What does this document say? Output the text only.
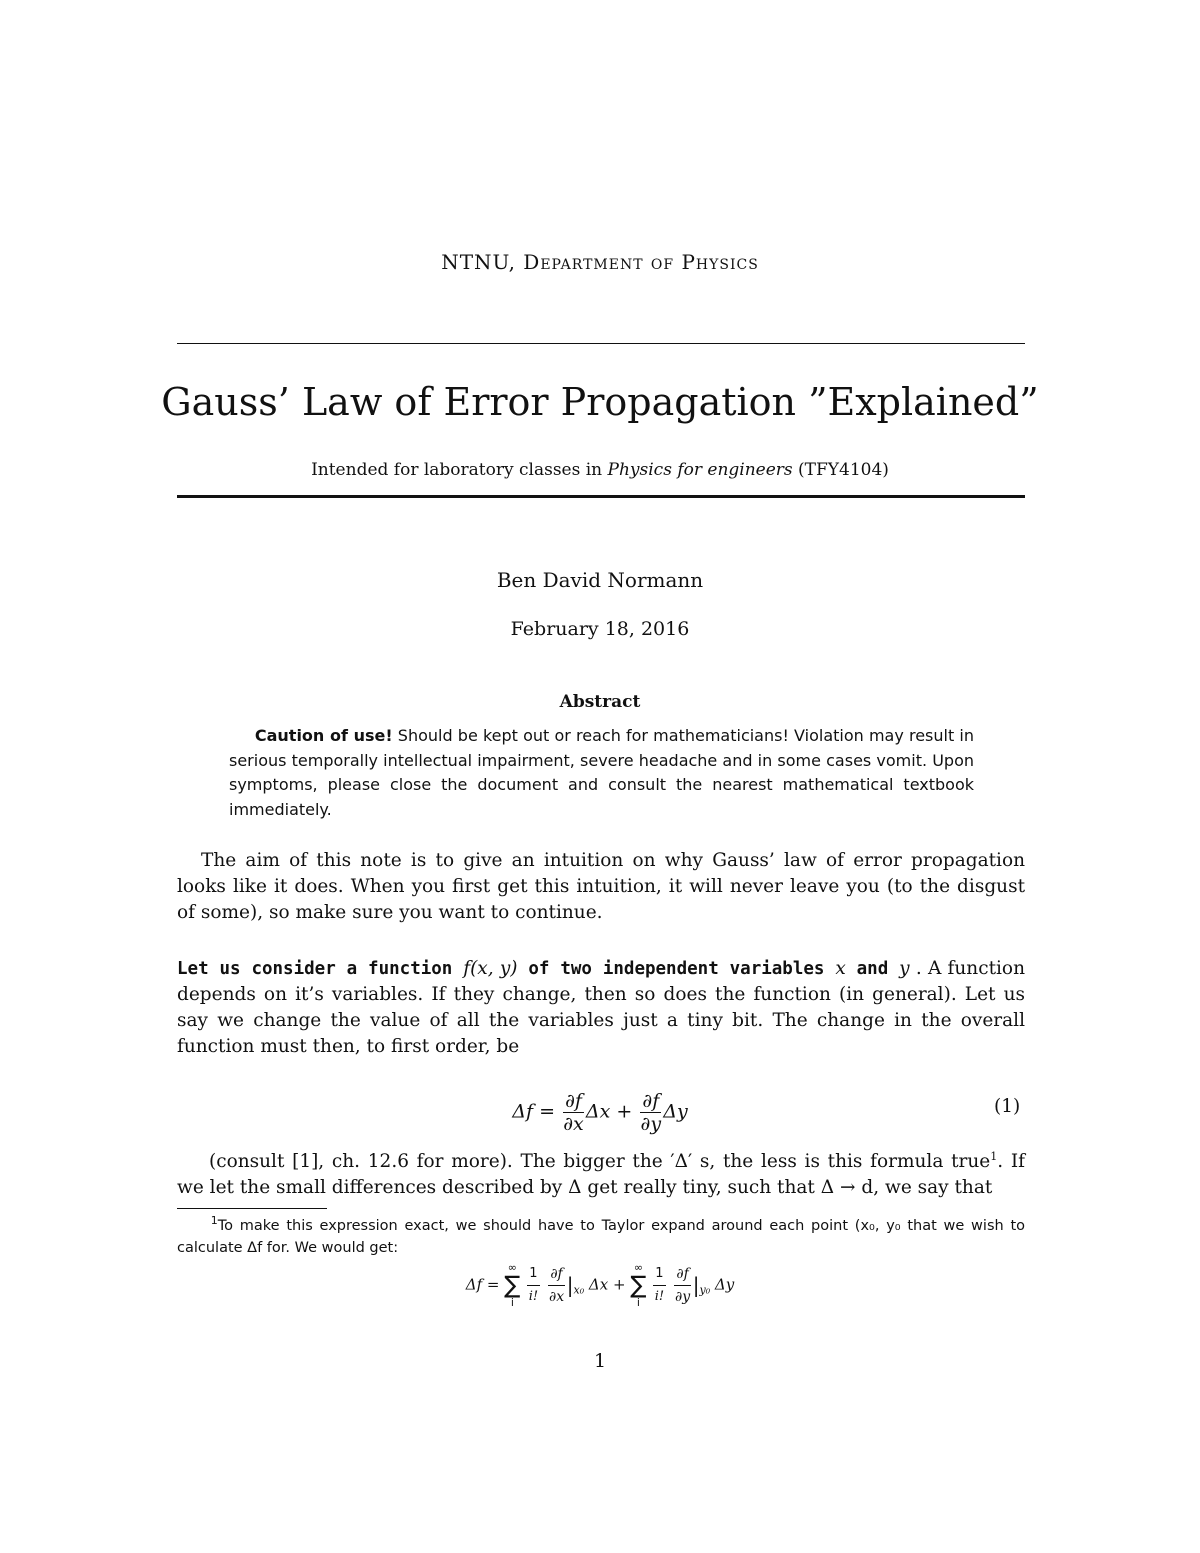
NTNU, Department of Physics
Gauss’ Law of Error Propagation ”Explained”
Intended for laboratory classes in Physics for engineers (TFY4104)
Ben David Normann
February 18, 2016
Abstract
Caution of use! Should be kept out or reach for mathematicians! Violation may result in serious temporally intellectual impairment, severe headache and in some cases vomit. Upon symptoms, please close the document and consult the nearest mathematical textbook immediately.
The aim of this note is to give an intuition on why Gauss’ law of error propagation looks like it does. When you first get this intuition, it will never leave you (to the disgust of some), so make sure you want to continue.
Let us consider a function f(x, y) of two independent variables x and y . A function depends on it’s variables. If they change, then so does the function (in general). Let us say we change the value of all the variables just a tiny bit. The change in the overall function must then, to first order, be
$\Delta f = \frac{\partial f}{\partial x}$ $\Delta x + \frac{\partial f}{\partial y}$ Δy	(1)
(consult [1], ch. 12.6 for more). The bigger the ′Δ′ s, the less is this formula true$^1$. If we let the small differences described by Δ get really tiny, such that Δ → d, we say that
$^1$To make this expression exact, we should have to Taylor expand around each point (x₀, y₀ that we wish to calculate Δf for. We would get:
Δf = ∞
∑
i $\frac{1}{i!}$
$\frac{\partial f}{\partial x} |_{x_0}$ Δx + ∞
∑
i $\frac{1}{i!}$
$\frac{\partial f}{\partial y} |_{y_0}$ Δy
1
